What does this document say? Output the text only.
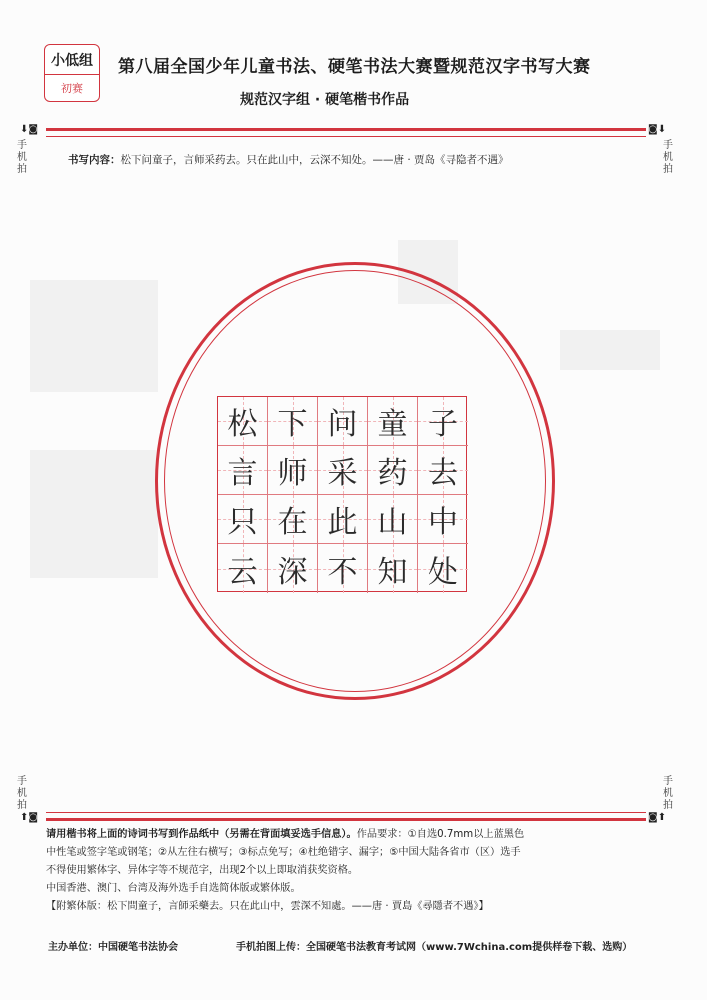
小低组
初赛
第八届全国少年儿童书法、硬笔书法大赛暨规范汉字书写大赛
规范汉字组 · 硬笔楷书作品
⬇◙	◙⬇
手机拍
手机拍
书写内容：松下问童子，言师采药去。只在此山中，云深不知处。——唐 · 贾岛《寻隐者不遇》
松 下 问 童 子
言 师 采 药 去
只 在 此 山 中
云 深 不 知 处
手机拍
手机拍
⬆◙	◙⬆
请用楷书将上面的诗词书写到作品纸中（另需在背面填妥选手信息）。作品要求：①自选0.7mm以上蓝黑色
中性笔或签字笔或钢笔；②从左往右横写；③标点免写；④杜绝错字、漏字；⑤中国大陆各省市（区）选手
不得使用繁体字、异体字等不规范字，出现2个以上即取消获奖资格。
中国香港、澳门、台湾及海外选手自选简体版或繁体版。
【附繁体版：松下問童子，言師采藥去。只在此山中，雲深不知處。——唐 · 賈島《尋隱者不遇》】
主办单位：中国硬笔书法协会	手机拍图上传：全国硬笔书法教育考试网（www.7Wchina.com提供样卷下载、选购）
